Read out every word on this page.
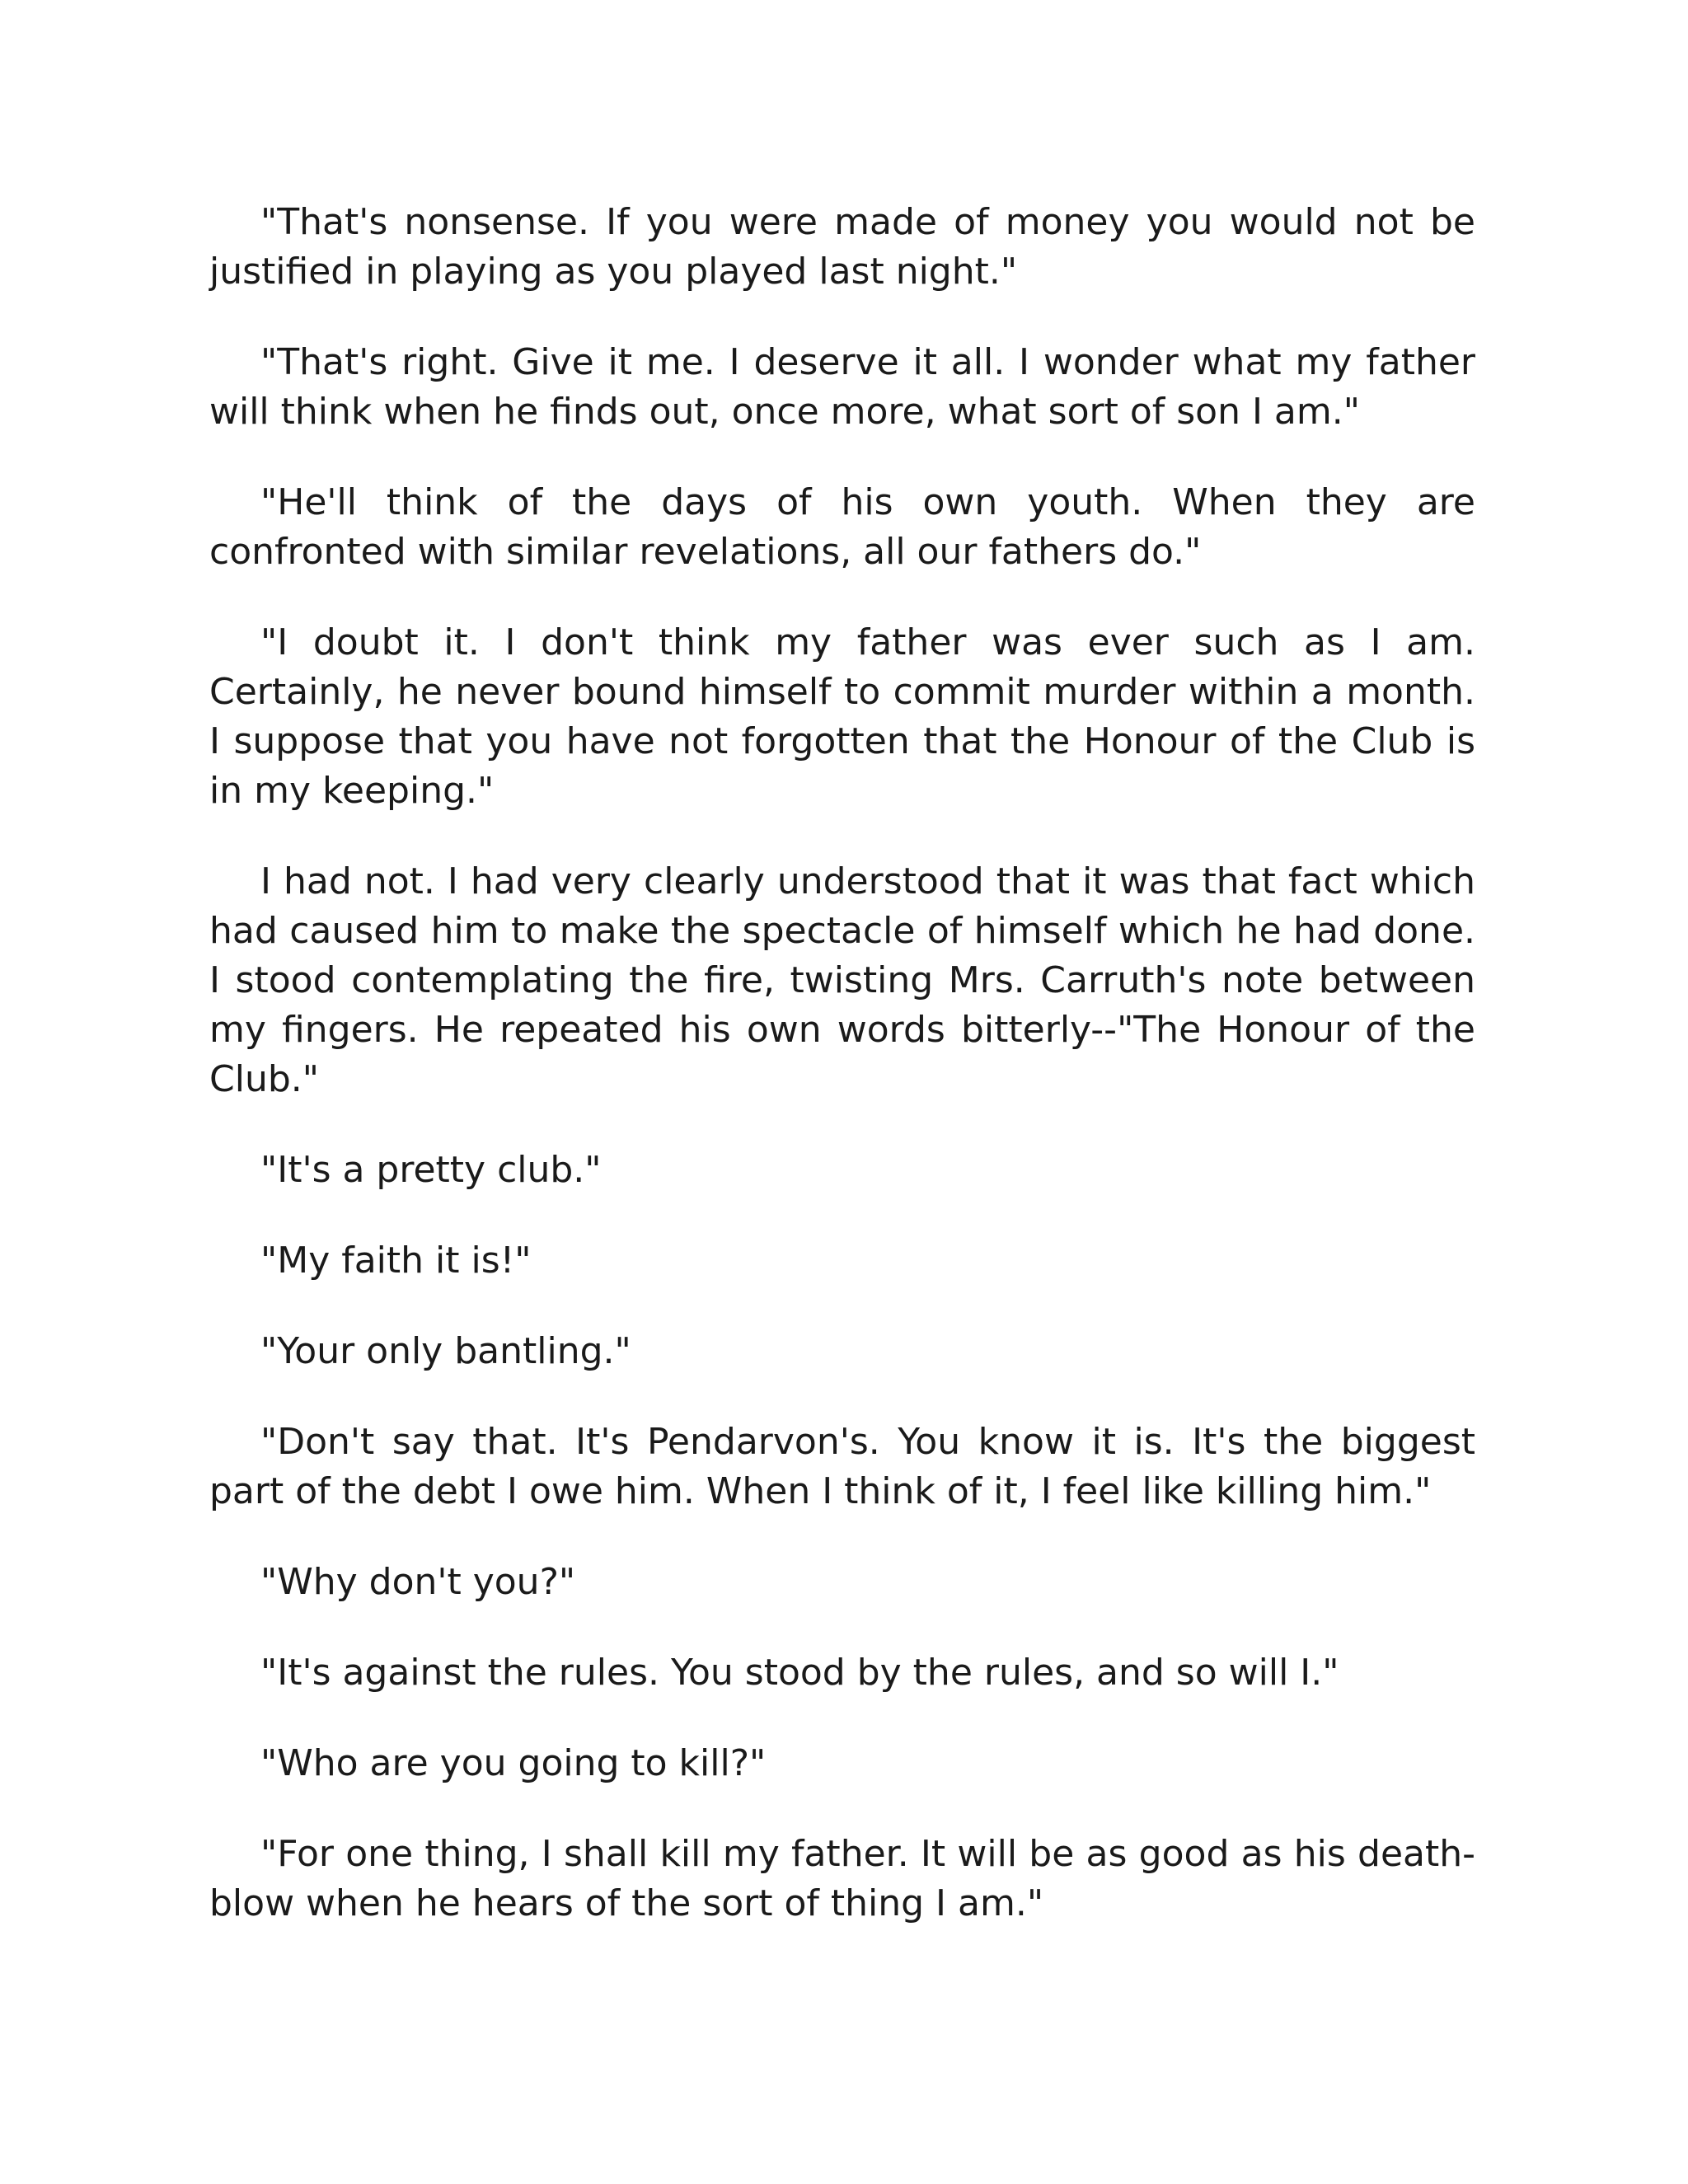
"That's nonsense. If you were made of money you would not be justified in playing as you played last night."

"That's right. Give it me. I deserve it all. I wonder what my father will think when he finds out, once more, what sort of son I am."

"He'll think of the days of his own youth. When they are confronted with similar revelations, all our fathers do."

"I doubt it. I don't think my father was ever such as I am. Certainly, he never bound himself to commit murder within a month. I suppose that you have not forgotten that the Honour of the Club is in my keeping."

I had not. I had very clearly understood that it was that fact which had caused him to make the spectacle of himself which he had done. I stood contemplating the fire, twisting Mrs. Carruth's note between my fingers. He repeated his own words bitterly--"The Honour of the Club."

"It's a pretty club."

"My faith it is!"

"Your only bantling."

"Don't say that. It's Pendarvon's. You know it is. It's the biggest part of the debt I owe him. When I think of it, I feel like killing him."

"Why don't you?"

"It's against the rules. You stood by the rules, and so will I."

"Who are you going to kill?"

"For one thing, I shall kill my father. It will be as good as his death-blow when he hears of the sort of thing I am."
